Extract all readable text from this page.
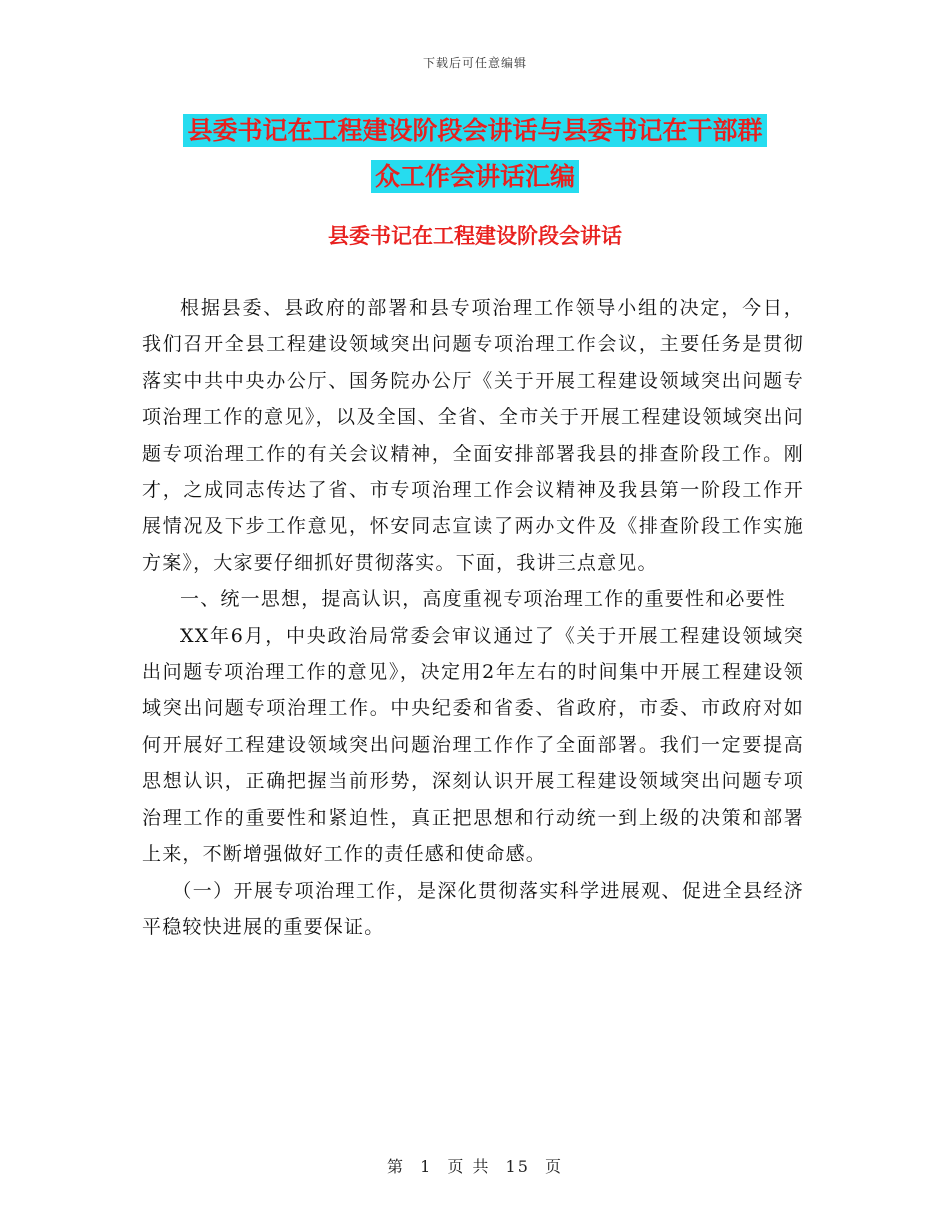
下载后可任意编辑
县委书记在工程建设阶段会讲话与县委书记在干部群
众工作会讲话汇编
县委书记在工程建设阶段会讲话

根据县委、县政府的部署和县专项治理工作领导小组的决定，今日，我们召开全县工程建设领域突出问题专项治理工作会议，主要任务是贯彻落实中共中央办公厅、国务院办公厅《关于开展工程建设领域突出问题专项治理工作的意见》，以及全国、全省、全市关于开展工程建设领域突出问题专项治理工作的有关会议精神，全面安排部署我县的排查阶段工作。刚才，之成同志传达了省、市专项治理工作会议精神及我县第一阶段工作开展情况及下步工作意见，怀安同志宣读了两办文件及《排查阶段工作实施方案》，大家要仔细抓好贯彻落实。下面，我讲三点意见。

一、统一思想，提高认识，高度重视专项治理工作的重要性和必要性

XX年6月，中央政治局常委会审议通过了《关于开展工程建设领域突出问题专项治理工作的意见》，决定用2年左右的时间集中开展工程建设领域突出问题专项治理工作。中央纪委和省委、省政府，市委、市政府对如何开展好工程建设领域突出问题治理工作作了全面部署。我们一定要提高思想认识，正确把握当前形势，深刻认识开展工程建设领域突出问题专项治理工作的重要性和紧迫性，真正把思想和行动统一到上级的决策和部署上来，不断增强做好工作的责任感和使命感。

（一）开展专项治理工作，是深化贯彻落实科学进展观、促进全县经济平稳较快进展的重要保证。

第 1 页 共 15 页
